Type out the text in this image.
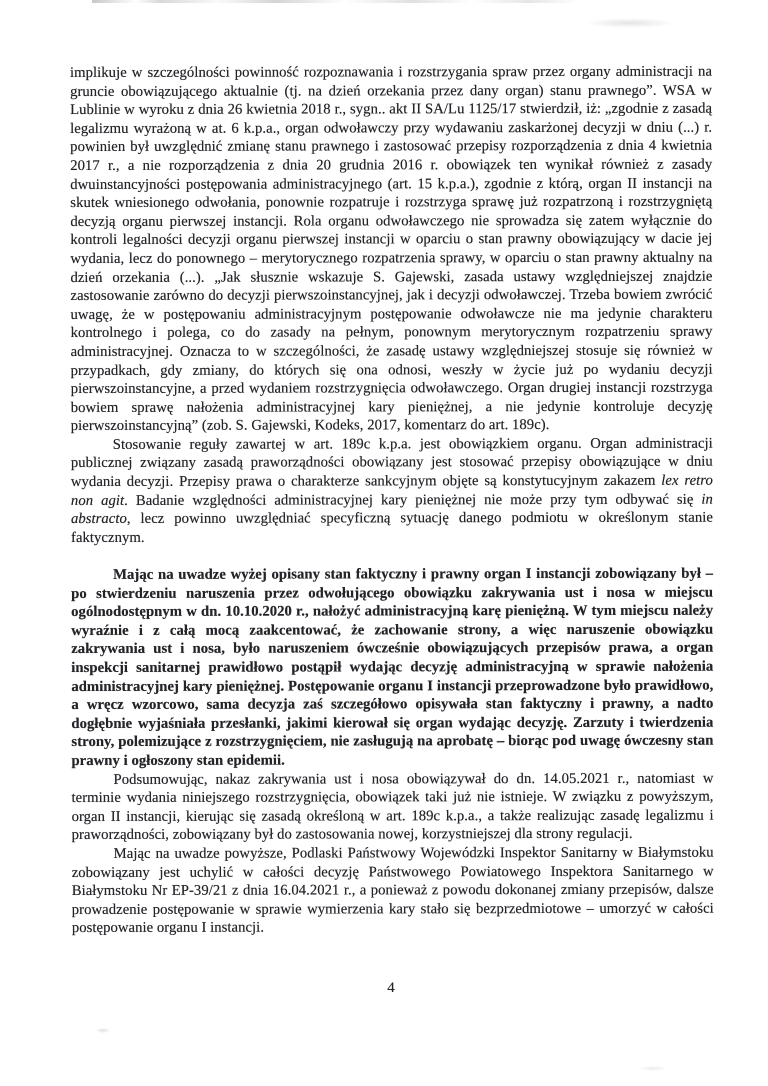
implikuje w szczególności powinność rozpoznawania i rozstrzygania spraw przez organy administracji na gruncie obowiązującego aktualnie (tj. na dzień orzekania przez dany organ) stanu prawnego”. WSA w Lublinie w wyroku z dnia 26 kwietnia 2018 r., sygn.. akt II SA/Lu 1125/17 stwierdził, iż: „zgodnie z zasadą legalizmu wyrażoną w at. 6 k.p.a., organ odwoławczy przy wydawaniu zaskarżonej decyzji w dniu (...) r. powinien był uwzględnić zmianę stanu prawnego i zastosować przepisy rozporządzenia z dnia 4 kwietnia 2017 r., a nie rozporządzenia z dnia 20 grudnia 2016 r. obowiązek ten wynikał również z zasady dwuinstancyjności postępowania administracyjnego (art. 15 k.p.a.), zgodnie z którą, organ II instancji na skutek wniesionego odwołania, ponownie rozpatruje i rozstrzyga sprawę już rozpatrzoną i rozstrzygniętą decyzją organu pierwszej instancji. Rola organu odwoławczego nie sprowadza się zatem wyłącznie do kontroli legalności decyzji organu pierwszej instancji w oparciu o stan prawny obowiązujący w dacie jej wydania, lecz do ponownego – merytorycznego rozpatrzenia sprawy, w oparciu o stan prawny aktualny na dzień orzekania (...). „Jak słusznie wskazuje S. Gajewski, zasada ustawy względniejszej znajdzie zastosowanie zarówno do decyzji pierwszoinstancyjnej, jak i decyzji odwoławczej. Trzeba bowiem zwrócić uwagę, że w postępowaniu administracyjnym postępowanie odwoławcze nie ma jedynie charakteru kontrolnego i polega, co do zasady na pełnym, ponownym merytorycznym rozpatrzeniu sprawy administracyjnej. Oznacza to w szczególności, że zasadę ustawy względniejszej stosuje się również w przypadkach, gdy zmiany, do których się ona odnosi, weszły w życie już po wydaniu decyzji pierwszoinstancyjne, a przed wydaniem rozstrzygnięcia odwoławczego. Organ drugiej instancji rozstrzyga bowiem sprawę nałożenia administracyjnej kary pieniężnej, a nie jedynie kontroluje decyzję pierwszoinstancyjną” (zob. S. Gajewski, Kodeks, 2017, komentarz do art. 189c).

Stosowanie reguły zawartej w art. 189c k.p.a. jest obowiązkiem organu. Organ administracji publicznej związany zasadą praworządności obowiązany jest stosować przepisy obowiązujące w dniu wydania decyzji. Przepisy prawa o charakterze sankcyjnym objęte są konstytucyjnym zakazem lex retro non agit. Badanie względności administracyjnej kary pieniężnej nie może przy tym odbywać się in abstracto, lecz powinno uwzględniać specyficzną sytuację danego podmiotu w określonym stanie faktycznym.

Mając na uwadze wyżej opisany stan faktyczny i prawny organ I instancji zobowiązany był – po stwierdzeniu naruszenia przez odwołującego obowiązku zakrywania ust i nosa w miejscu ogólnodostępnym w dn. 10.10.2020 r., nałożyć administracyjną karę pieniężną. W tym miejscu należy wyraźnie i z całą mocą zaakcentować, że zachowanie strony, a więc naruszenie obowiązku zakrywania ust i nosa, było naruszeniem ówcześnie obowiązujących przepisów prawa, a organ inspekcji sanitarnej prawidłowo postąpił wydając decyzję administracyjną w sprawie nałożenia administracyjnej kary pieniężnej. Postępowanie organu I instancji przeprowadzone było prawidłowo, a wręcz wzorcowo, sama decyzja zaś szczegółowo opisywała stan faktyczny i prawny, a nadto dogłębnie wyjaśniała przesłanki, jakimi kierował się organ wydając decyzję. Zarzuty i twierdzenia strony, polemizujące z rozstrzygnięciem, nie zasługują na aprobatę – biorąc pod uwagę ówczesny stan prawny i ogłoszony stan epidemii.

Podsumowując, nakaz zakrywania ust i nosa obowiązywał do dn. 14.05.2021 r., natomiast w terminie wydania niniejszego rozstrzygnięcia, obowiązek taki już nie istnieje. W związku z powyższym, organ II instancji, kierując się zasadą określoną w art. 189c k.p.a., a także realizując zasadę legalizmu i praworządności, zobowiązany był do zastosowania nowej, korzystniejszej dla strony regulacji.

Mając na uwadze powyższe, Podlaski Państwowy Wojewódzki Inspektor Sanitarny w Białymstoku zobowiązany jest uchylić w całości decyzję Państwowego Powiatowego Inspektora Sanitarnego w Białymstoku Nr EP-39/21 z dnia 16.04.2021 r., a ponieważ z powodu dokonanej zmiany przepisów, dalsze prowadzenie postępowanie w sprawie wymierzenia kary stało się bezprzedmiotowe – umorzyć w całości postępowanie organu I instancji.

4
